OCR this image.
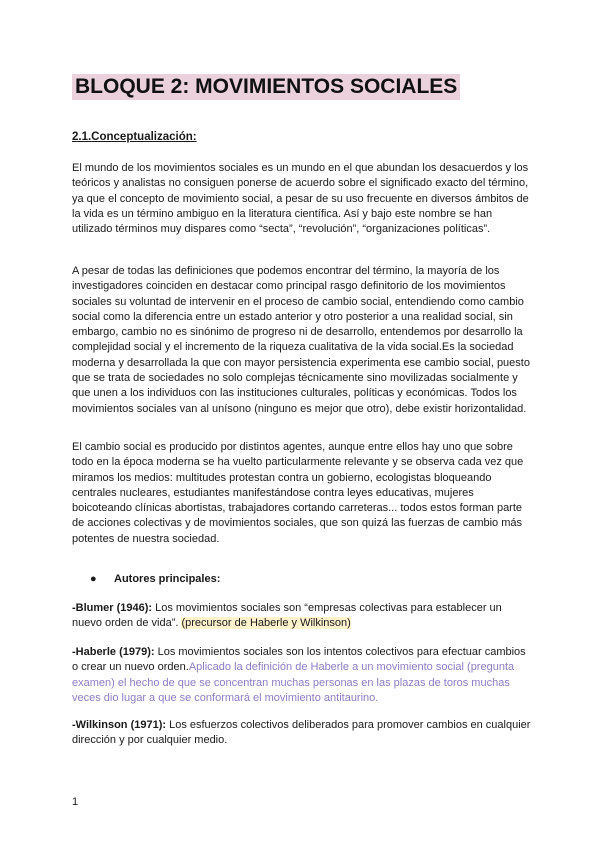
BLOQUE 2: MOVIMIENTOS SOCIALES
2.1.Conceptualización:

El mundo de los movimientos sociales es un mundo en el que abundan los desacuerdos y los teóricos y analistas no consiguen ponerse de acuerdo sobre el significado exacto del término, ya que el concepto de movimiento social, a pesar de su uso frecuente en diversos ámbitos de la vida es un término ambiguo en la literatura científica. Así y bajo este nombre se han utilizado términos muy dispares como “secta”, “revolución”, “organizaciones políticas”.

A pesar de todas las definiciones que podemos encontrar del término, la mayoría de los investigadores coinciden en destacar como principal rasgo definitorio de los movimientos sociales su voluntad de intervenir en el proceso de cambio social, entendiendo como cambio social como la diferencia entre un estado anterior y otro posterior a una realidad social, sin embargo, cambio no es sinónimo de progreso ni de desarrollo, entendemos por desarrollo la complejidad social y el incremento de la riqueza cualitativa de la vida social.Es la sociedad moderna y desarrollada la que con mayor persistencia experimenta ese cambio social, puesto que se trata de sociedades no solo complejas técnicamente sino movilizadas socialmente y que unen a los individuos con las instituciones culturales, políticas y económicas. Todos los movimientos sociales van al unísono (ninguno es mejor que otro), debe existir horizontalidad.

El cambio social es producido por distintos agentes, aunque entre ellos hay uno que sobre todo en la época moderna se ha vuelto particularmente relevante y se observa cada vez que miramos los medios: multitudes protestan contra un gobierno, ecologistas bloqueando centrales nucleares, estudiantes manifestándose contra leyes educativas, mujeres boicoteando clínicas abortistas, trabajadores cortando carreteras... todos estos forman parte de acciones colectivas y de movimientos sociales, que son quizá las fuerzas de cambio más potentes de nuestra sociedad.

● Autores principales:

-Blumer (1946): Los movimientos sociales son “empresas colectivas para establecer un nuevo orden de vida”. (precursor de Haberle y Wilkinson)

-Haberle (1979): Los movimientos sociales son los intentos colectivos para efectuar cambios o crear un nuevo orden.Aplicado la definición de Haberle a un movimiento social (pregunta examen) el hecho de que se concentran muchas personas en las plazas de toros muchas veces dio lugar a que se conformará el movimiento antitaurino.

-Wilkinson (1971): Los esfuerzos colectivos deliberados para promover cambios en cualquier dirección y por cualquier medio.

1
